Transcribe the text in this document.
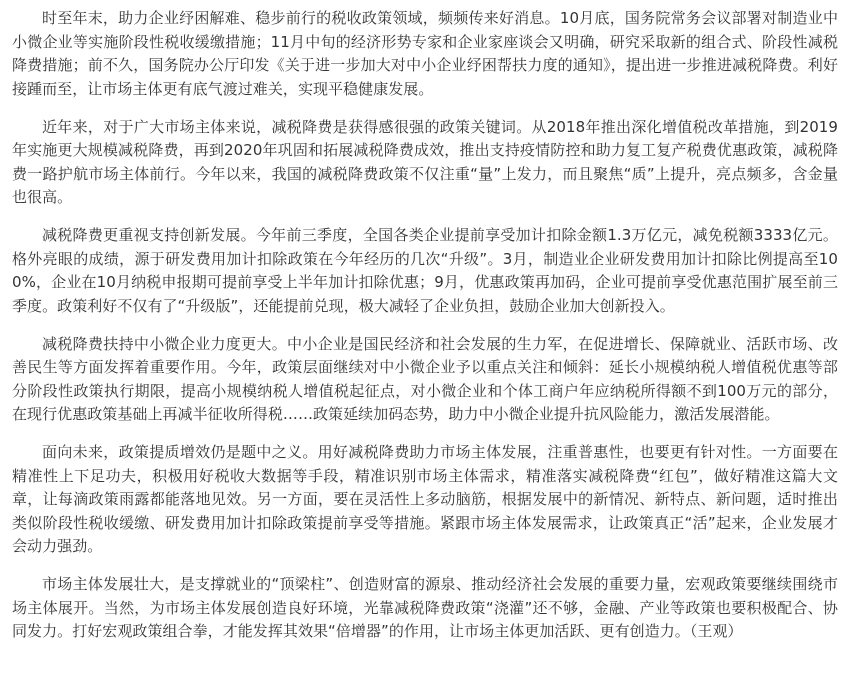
时至年末，助力企业纾困解难、稳步前行的税收政策领域，频频传来好消息。10月底，国务院常务会议部署对制造业中小微企业等实施阶段性税收缓缴措施；11月中旬的经济形势专家和企业家座谈会又明确，研究采取新的组合式、阶段性减税降费措施；前不久，国务院办公厅印发《关于进一步加大对中小企业纾困帮扶力度的通知》，提出进一步推进减税降费。利好接踵而至，让市场主体更有底气渡过难关，实现平稳健康发展。

近年来，对于广大市场主体来说，减税降费是获得感很强的政策关键词。从2018年推出深化增值税改革措施，到2019年实施更大规模减税降费，再到2020年巩固和拓展减税降费成效，推出支持疫情防控和助力复工复产税费优惠政策，减税降费一路护航市场主体前行。今年以来，我国的减税降费政策不仅注重“量”上发力，而且聚焦“质”上提升，亮点频多，含金量也很高。

减税降费更重视支持创新发展。今年前三季度，全国各类企业提前享受加计扣除金额1.3万亿元，减免税额3333亿元。格外亮眼的成绩，源于研发费用加计扣除政策在今年经历的几次“升级”。3月，制造业企业研发费用加计扣除比例提高至100%，企业在10月纳税申报期可提前享受上半年加计扣除优惠；9月，优惠政策再加码，企业可提前享受优惠范围扩展至前三季度。政策利好不仅有了“升级版”，还能提前兑现，极大减轻了企业负担，鼓励企业加大创新投入。

减税降费扶持中小微企业力度更大。中小企业是国民经济和社会发展的生力军，在促进增长、保障就业、活跃市场、改善民生等方面发挥着重要作用。今年，政策层面继续对中小微企业予以重点关注和倾斜：延长小规模纳税人增值税优惠等部分阶段性政策执行期限，提高小规模纳税人增值税起征点，对小微企业和个体工商户年应纳税所得额不到100万元的部分，在现行优惠政策基础上再减半征收所得税……政策延续加码态势，助力中小微企业提升抗风险能力，激活发展潜能。

面向未来，政策提质增效仍是题中之义。用好减税降费助力市场主体发展，注重普惠性，也要更有针对性。一方面要在精准性上下足功夫，积极用好税收大数据等手段，精准识别市场主体需求，精准落实减税降费“红包”，做好精准这篇大文章，让每滴政策雨露都能落地见效。另一方面，要在灵活性上多动脑筋，根据发展中的新情况、新特点、新问题，适时推出类似阶段性税收缓缴、研发费用加计扣除政策提前享受等措施。紧跟市场主体发展需求，让政策真正“活”起来，企业发展才会动力强劲。

市场主体发展壮大，是支撑就业的“顶梁柱”、创造财富的源泉、推动经济社会发展的重要力量，宏观政策要继续围绕市场主体展开。当然，为市场主体发展创造良好环境，光靠减税降费政策“浇灌”还不够，金融、产业等政策也要积极配合、协同发力。打好宏观政策组合拳，才能发挥其效果“倍增器”的作用，让市场主体更加活跃、更有创造力。（王观）
